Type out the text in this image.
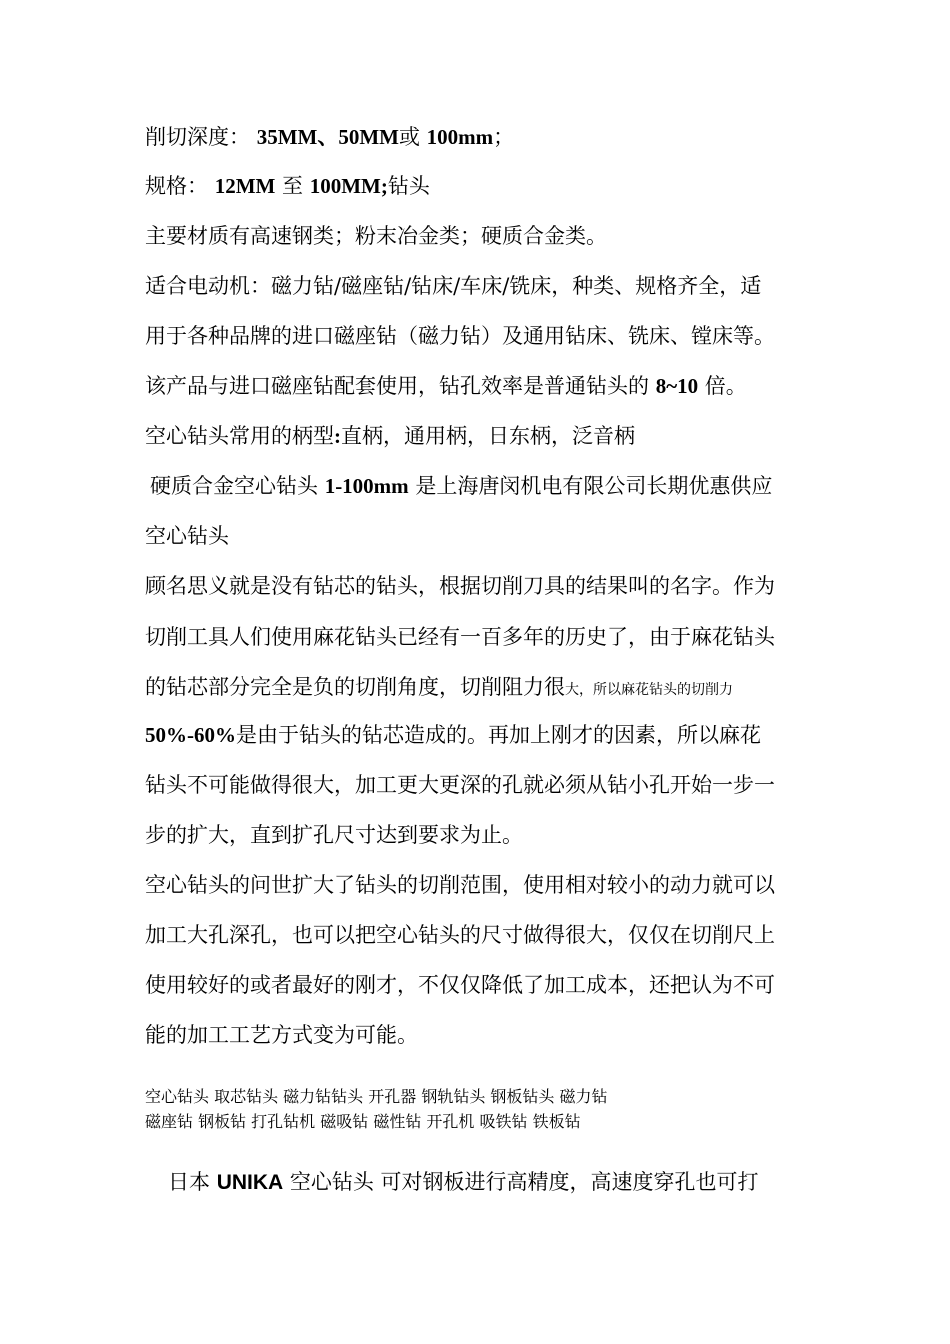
削切深度： 35MM、50MM或 100mm；
规格： 12MM 至 100MM;钻头
主要材质有高速钢类；粉末冶金类；硬质合金类。
适合电动机：磁力钻/磁座钻/钻床/车床/铣床，种类、规格齐全，适
用于各种品牌的进口磁座钻（磁力钻）及通用钻床、铣床、镗床等。
该产品与进口磁座钻配套使用，钻孔效率是普通钻头的 8~10 倍。
空心钻头常用的柄型:直柄，通用柄，日东柄，泛音柄
硬质合金空心钻头 1-100mm 是上海唐闵机电有限公司长期优惠供应
空心钻头
顾名思义就是没有钻芯的钻头，根据切削刀具的结果叫的名字。作为
切削工具人们使用麻花钻头已经有一百多年的历史了，由于麻花钻头
的钻芯部分完全是负的切削角度，切削阻力很大，所以麻花钻头的切削力
50%-60%是由于钻头的钻芯造成的。再加上刚才的因素，所以麻花
钻头不可能做得很大，加工更大更深的孔就必须从钻小孔开始一步一
步的扩大，直到扩孔尺寸达到要求为止。
空心钻头的问世扩大了钻头的切削范围，使用相对较小的动力就可以
加工大孔深孔，也可以把空心钻头的尺寸做得很大，仅仅在切削尺上
使用较好的或者最好的刚才，不仅仅降低了加工成本，还把认为不可
能的加工工艺方式变为可能。
空心钻头 取芯钻头 磁力钻钻头 开孔器 钢轨钻头 钢板钻头 磁力钻
磁座钻 钢板钻 打孔钻机 磁吸钻 磁性钻 开孔机 吸铁钻 铁板钻
日本 UNIKA 空心钻头 可对钢板进行高精度，高速度穿孔也可打
